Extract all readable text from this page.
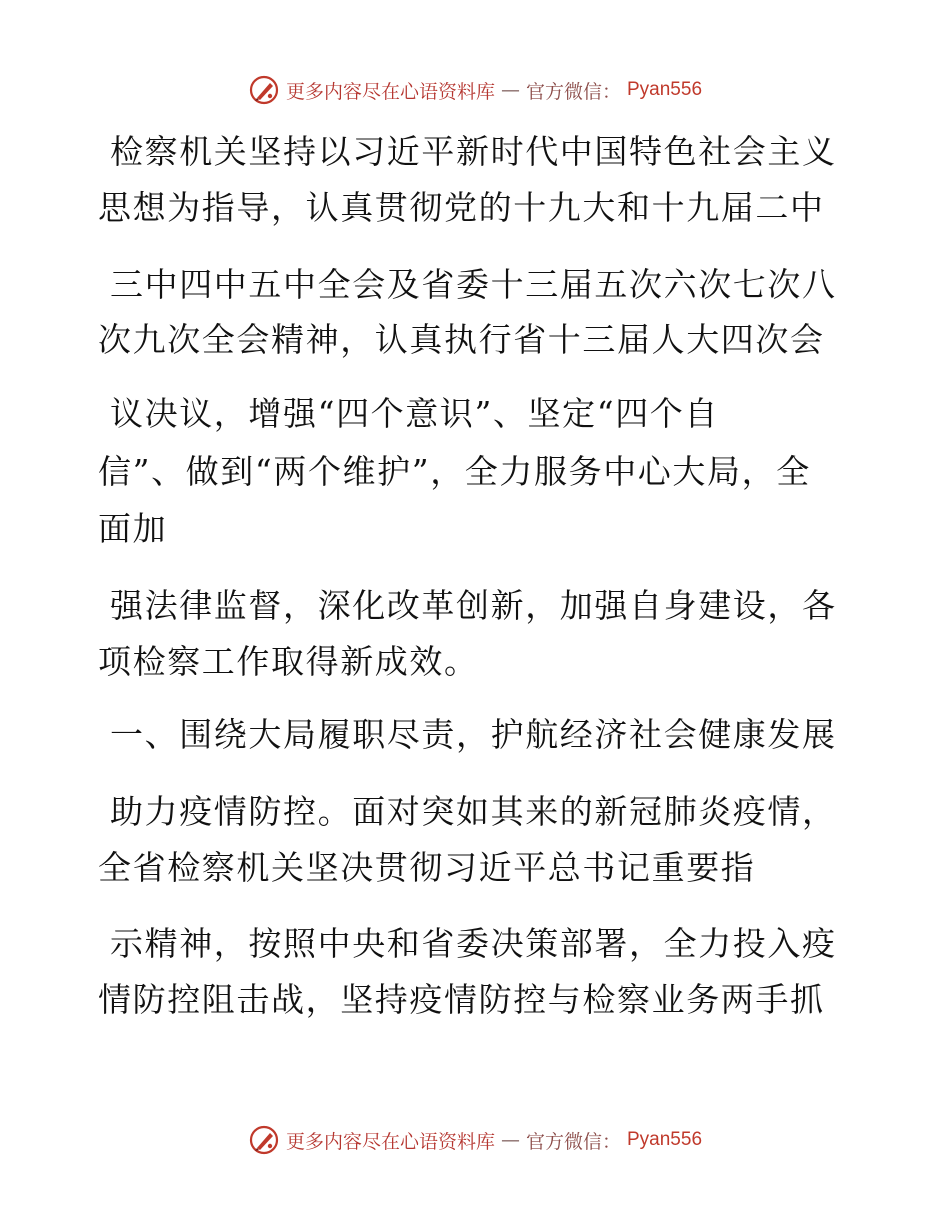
更多内容尽在心语资料库 — 官方微信： Pyan556
检察机关坚持以习近平新时代中国特色社会主义
思想为指导，认真贯彻党的十九大和十九届二中
三中四中五中全会及省委十三届五次六次七次八
次九次全会精神，认真执行省十三届人大四次会
议决议，增强“四个意识”、坚定“四个自
信”、做到“两个维护”，全力服务中心大局，全
面加
强法律监督，深化改革创新，加强自身建设，各
项检察工作取得新成效。
一、围绕大局履职尽责，护航经济社会健康发展
助力疫情防控。面对突如其来的新冠肺炎疫情，
全省检察机关坚决贯彻习近平总书记重要指
示精神，按照中央和省委决策部署，全力投入疫
情防控阻击战，坚持疫情防控与检察业务两手抓
更多内容尽在心语资料库 — 官方微信： Pyan556
